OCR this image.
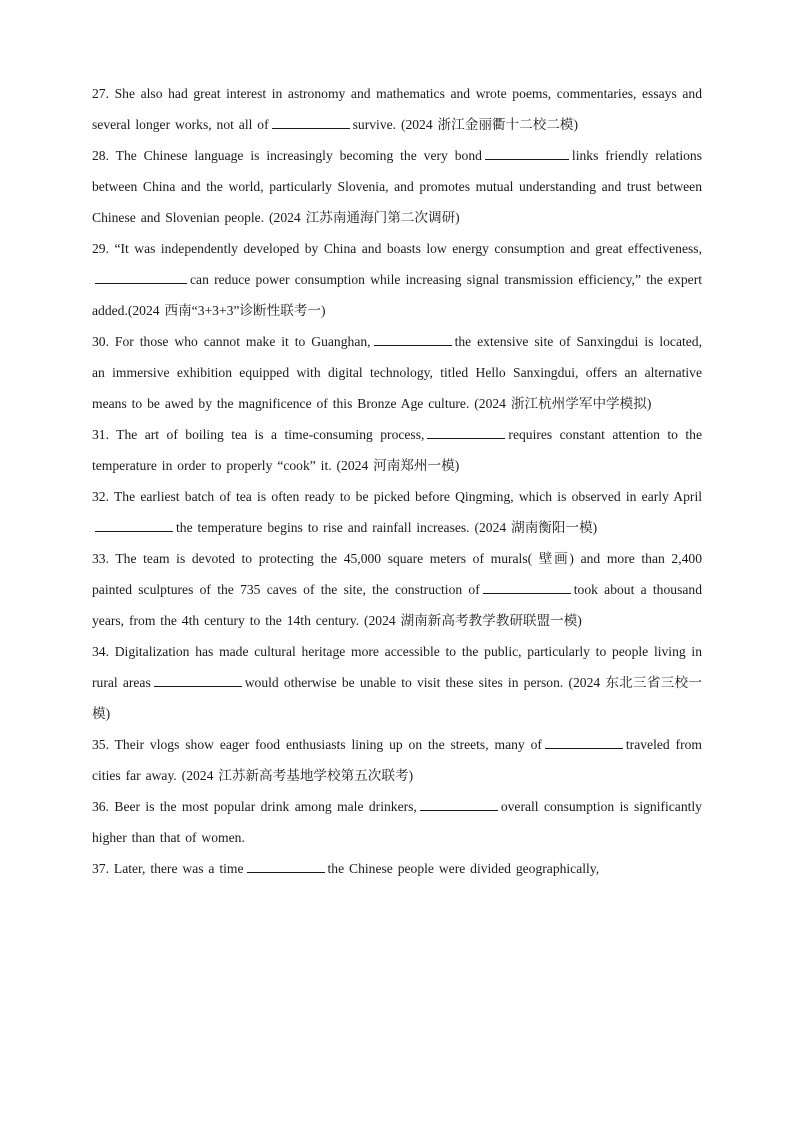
27. She also had great interest in astronomy and mathematics and wrote poems, commentaries, essays and several longer works, not all of	survive. (2024 浙江金丽衢十二校二模)

28. The Chinese language is increasingly becoming the very bond	links friendly relations between China and the world, particularly Slovenia, and promotes mutual understanding and trust between Chinese and Slovenian people. (2024 江苏南通海门第二次调研)

29. “It was independently developed by China and boasts low energy consumption and great effectiveness,can reduce power consumption while increasing signal transmission efficiency,” the expert added.(2024 西南“3+3+3”诊断性联考一)

30. For those who cannot make it to Guanghan,	the extensive site of Sanxingdui is located, an immersive exhibition equipped with digital technology, titled Hello Sanxingdui, offers an alternative means to be awed by the magnificence of this Bronze Age culture. (2024 浙江杭州学军中学模拟)

31. The art of boiling tea is a time-consuming process,	requires constant attention to the temperature in order to properly “cook” it. (2024 河南郑州一模)

32. The earliest batch of tea is often ready to be picked before Qingming, which is observed in early Aprilthe temperature begins to rise and rainfall increases. (2024 湖南衡阳一模)

33. The team is devoted to protecting the 45,000 square meters of murals( 壁画) and more than 2,400 painted sculptures of the 735 caves of the site, the construction of	took about a thousand years, from the 4th century to the 14th century. (2024 湖南新高考教学教研联盟一模)

34. Digitalization has made cultural heritage more accessible to the public, particularly to people living in rural areas	would otherwise be unable to visit these sites in person. (2024 东北三省三校一模)

35. Their vlogs show eager food enthusiasts lining up on the streets, many of	traveled from cities far away. (2024 江苏新高考基地学校第五次联考)

36. Beer is the most popular drink among male drinkers,	overall consumption is significantly higher than that of women.

37. Later, there was a time	the Chinese people were divided geographically,
